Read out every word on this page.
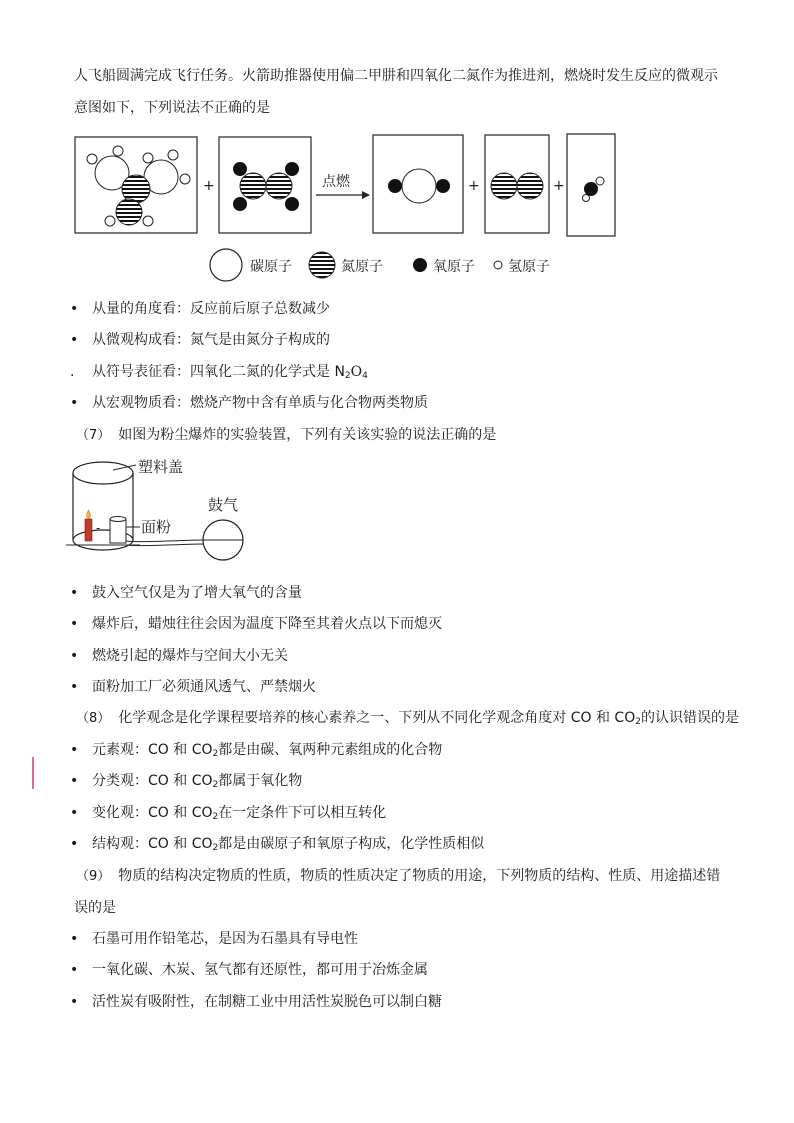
人飞船圆满完成飞行任务。火箭助推器使用偏二甲肼和四氧化二氮作为推进剂，燃烧时发生反应的微观示
意图如下，下列说法不正确的是
+	点燃	+	+
碳原子	氮原子	氧原子 氢原子
• 从量的角度看：反应前后原子总数减少
• 从微观构成看：氮气是由氮分子构成的
. 从符号表征看：四氧化二氮的化学式是 $N_2O_4$
• 从宏观物质看：燃烧产物中含有单质与化合物两类物质
（7） 如图为粉尘爆炸的实验装置，下列有关该实验的说法正确的是
塑料盖
-	面粉
鼓气
• 鼓入空气仅是为了增大氧气的含量
• 爆炸后，蜡烛往往会因为温度下降至其着火点以下而熄灭
• 燃烧引起的爆炸与空间大小无关
• 面粉加工厂必须通风透气、严禁烟火
（8） 化学观念是化学课程要培养的核心素养之一、下列从不同化学观念角度对 CO 和 $CO_2$的认识错误的是
• 元素观：CO 和 $CO_2$都是由碳、氧两种元素组成的化合物
• 分类观：CO 和 $CO_2$都属于氧化物
• 变化观：CO 和 $CO_2$在一定条件下可以相互转化
• 结构观：CO 和 $CO_2$都是由碳原子和氧原子构成，化学性质相似
（9） 物质的结构决定物质的性质，物质的性质决定了物质的用途，下列物质的结构、性质、用途描述错
误的是
• 石墨可用作铅笔芯，是因为石墨具有导电性
• 一氧化碳、木炭、氢气都有还原性，都可用于冶炼金属
• 活性炭有吸附性，在制糖工业中用活性炭脱色可以制白糖
